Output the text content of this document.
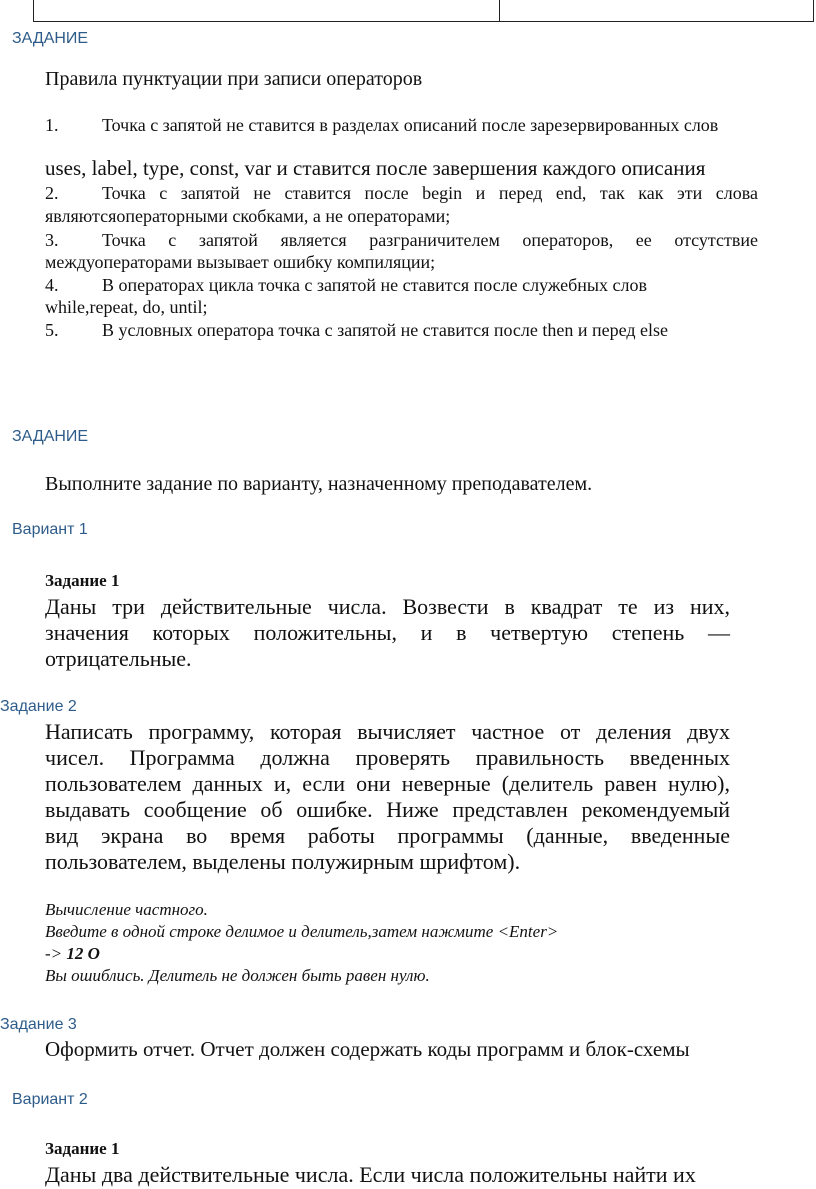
ЗАДАНИЕ
Правила пунктуации при записи операторов
1. Точка с запятой не ставится в разделах описаний после зарезервированных слов
uses, label, type, const, var и ставится после завершения каждого описания
2. Точка с запятой не ставится после begin и перед end, так как эти слова
являютсяоператорными скобками, а не операторами;
3. Точка с запятой является разграничителем операторов, ее отсутствие
междуоператорами вызывает ошибку компиляции;
4. В операторах цикла точка с запятой не ставится после служебных слов
while,repeat, do, until;
5. В условных оператора точка с запятой не ставится после then и перед else
ЗАДАНИЕ
Выполните задание по варианту, назначенному преподавателем.
Вариант 1
Задание 1
Даны три действительные числа. Возвести в квадрат те из них,
значения которых положительны, и в четвертую степень —
отрицательные.
Задание 2
Написать программу, которая вычисляет частное от деления двух
чисел. Программа должна проверять правильность введенных
пользователем данных и, если они неверные (делитель равен нулю),
выдавать сообщение об ошибке. Ниже представлен рекомендуемый
вид экрана во время работы программы (данные, введенные
пользователем, выделены полужирным шрифтом).
Вычисление частного.
Введите в одной строке делимое и делитель,затем нажмите <Enter>
-> 12 О
Вы ошиблись. Делитель не должен быть равен нулю.
Задание 3
Оформить отчет. Отчет должен содержать коды программ и блок-схемы
Вариант 2
Задание 1
Даны два действительные числа. Если числа положительны найти их
